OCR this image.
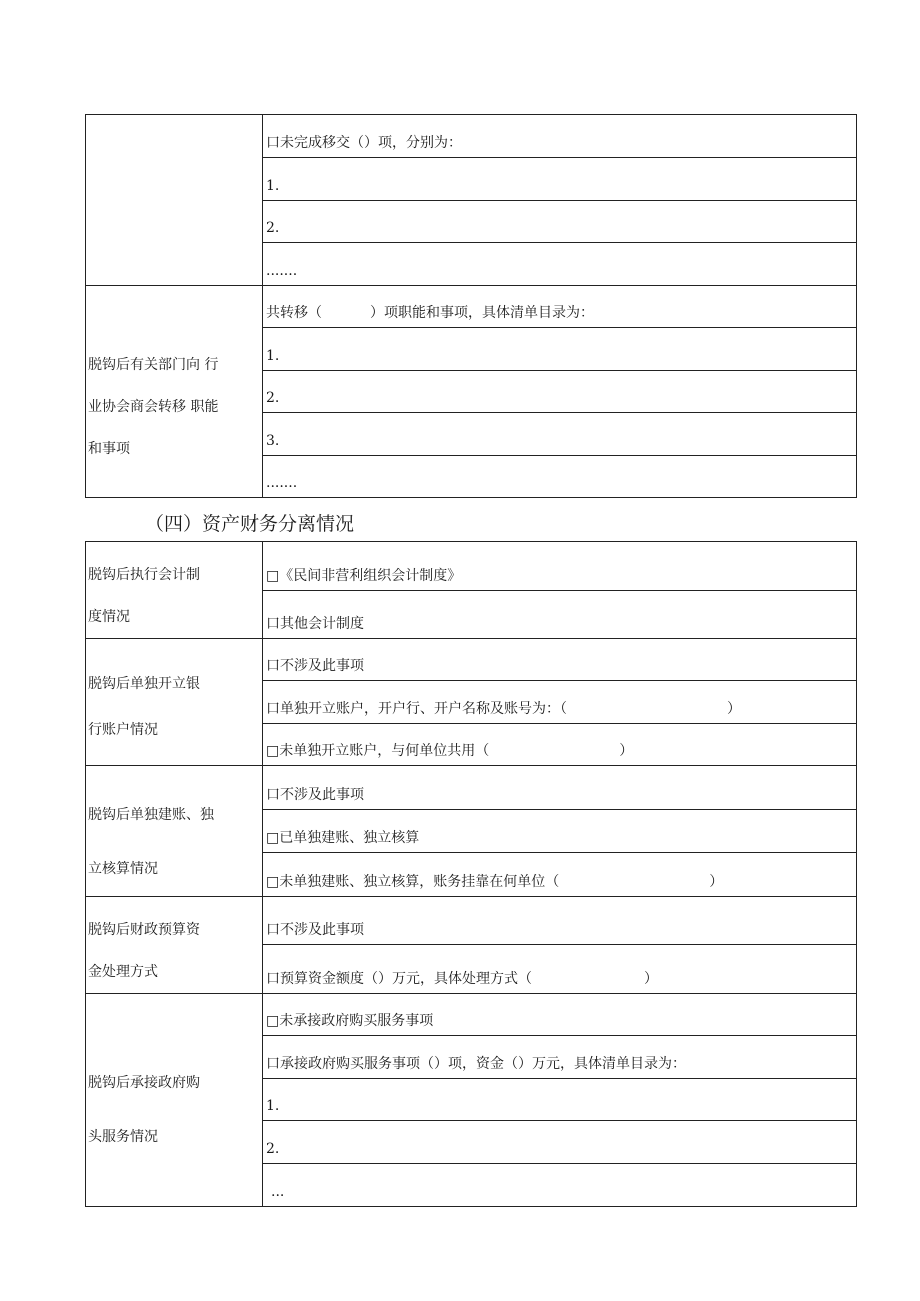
	口未完成移交（）项，分别为：
	1.
	2.
	.......

脱钩后有关部门向 行
业协会商会转移 职能
和事项	共转移（ ）项职能和事项，具体清单目录为：
	1.
	2.
	3.
	.......
（四）资产财务分离情况
脱钩后执行会计制
度情况	□《民间非营利组织会计制度》
	口其他会计制度

脱钩后单独开立银
行账户情况	口不涉及此事项
	口单独开立账户，开户行、开户名称及账号为：（ ）
	□未单独开立账户，与何单位共用（ ）

脱钩后单独建账、独
立核算情况	口不涉及此事项
	□已单独建账、独立核算
	□未单独建账、独立核算，账务挂靠在何单位（ ）

脱钩后财政预算资
金处理方式	口不涉及此事项
	口预算资金额度（）万元，具体处理方式（ ）

脱钩后承接政府购
头服务情况	□未承接政府购买服务事项
	口承接政府购买服务事项（）项，资金（）万元，具体清单目录为：
	1.
	2.
	...
